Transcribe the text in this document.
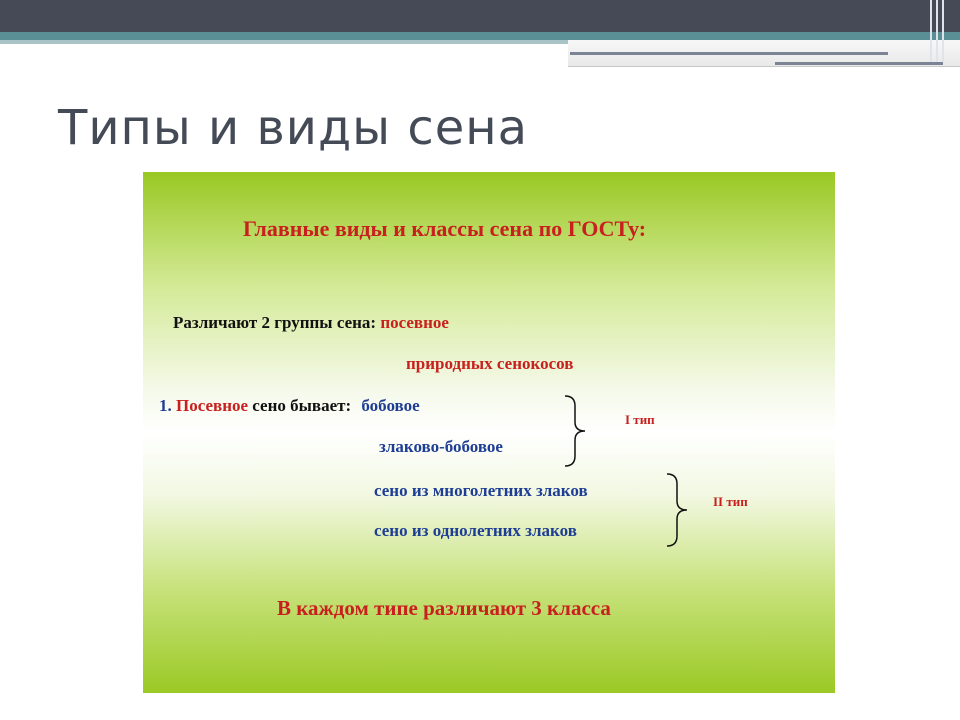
Типы и виды сена
Главные виды и классы сена по ГОСТу:
Различают 2 группы сена: посевное
природных сенокосов
1. Посевное сено бывает: бобовое
злаково-бобовое
сено из многолетних злаков
сено из однолетних злаков
I тип
II тип
В каждом типе различают 3 класса
